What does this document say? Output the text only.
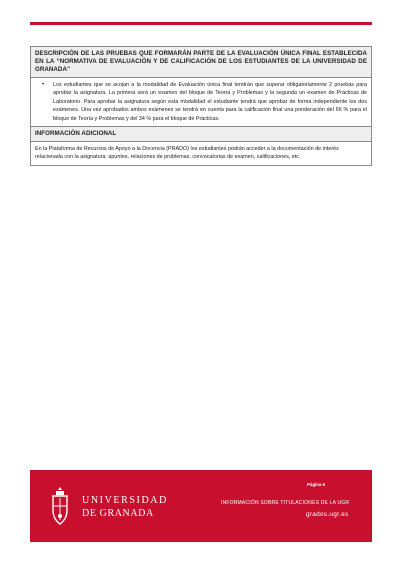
DESCRIPCIÓN DE LAS PRUEBAS QUE FORMARÁN PARTE DE LA EVALUACIÓN ÚNICA FINAL ESTABLECIDA EN LA “NORMATIVA DE EVALUACIÓN Y DE CALIFICACIÓN DE LOS ESTUDIANTES DE LA UNIVERSIDAD DE GRANADA”
• Los estudiantes que se acojan a la modalidad de Evaluación única final tendrán que superar obligatoriamente 2 pruebas para aprobar la asignatura. La primera será un examen del bloque de Teoría y Problemas y la segunda un examen de Prácticas de Laboratorio. Para aprobar la asignatura según esta modalidad el estudiante tendrá que aprobar de forma independiente los dos exámenes. Una vez aprobados ambos exámenes se tendrá en cuenta para la calificación final una ponderación del 66 % para el bloque de Teoría y Problemas y del 34 % para el bloque de Prácticas.
INFORMACIÓN ADICIONAL
En la Plataforma de Recursos de Apoyo a la Docencia (PRADO) los estudiantes podrán acceder a la documentación de interés relacionada con la asignatura: apuntes, relaciones de problemas, convocatorias de examen, calificaciones, etc.
UNIVERSIDAD
DE GRANADA
Página 6
INFORMACIÓN SOBRE TITULACIONES DE LA UGR
grados.ugr.es
